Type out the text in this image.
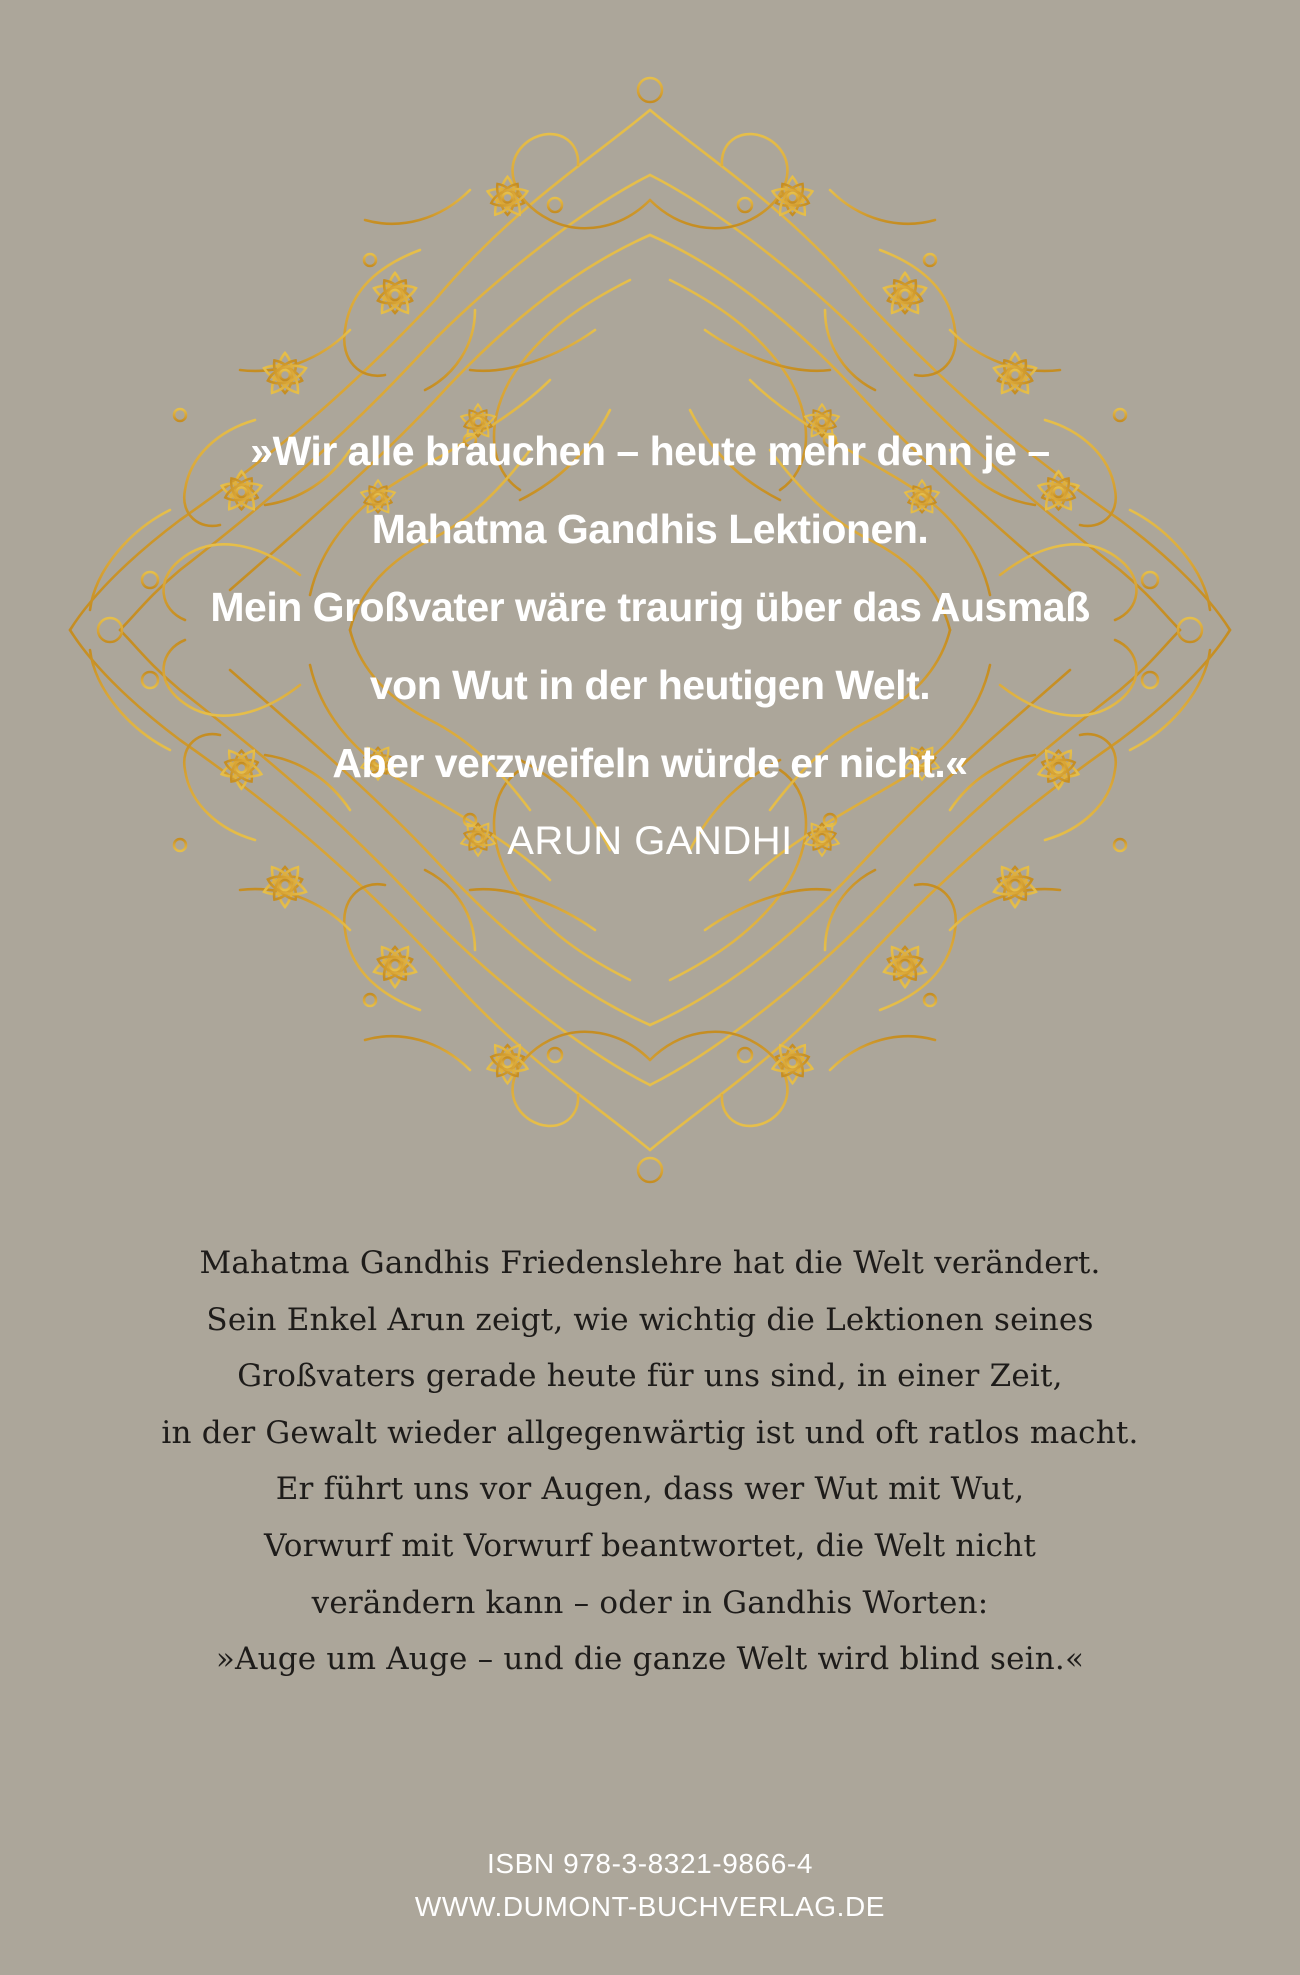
»Wir alle brauchen – heute mehr denn je –
Mahatma Gandhis Lektionen.
Mein Großvater wäre traurig über das Ausmaß
von Wut in der heutigen Welt.
Aber verzweifeln würde er nicht.«
ARUN GANDHI
Mahatma Gandhis Friedenslehre hat die Welt verändert.
Sein Enkel Arun zeigt, wie wichtig die Lektionen seines
Großvaters gerade heute für uns sind, in einer Zeit,
in der Gewalt wieder allgegenwärtig ist und oft ratlos macht.
Er führt uns vor Augen, dass wer Wut mit Wut,
Vorwurf mit Vorwurf beantwortet, die Welt nicht
verändern kann – oder in Gandhis Worten:
»Auge um Auge – und die ganze Welt wird blind sein.«
ISBN 978-3-8321-9866-4
WWW.DUMONT-BUCHVERLAG.DE
